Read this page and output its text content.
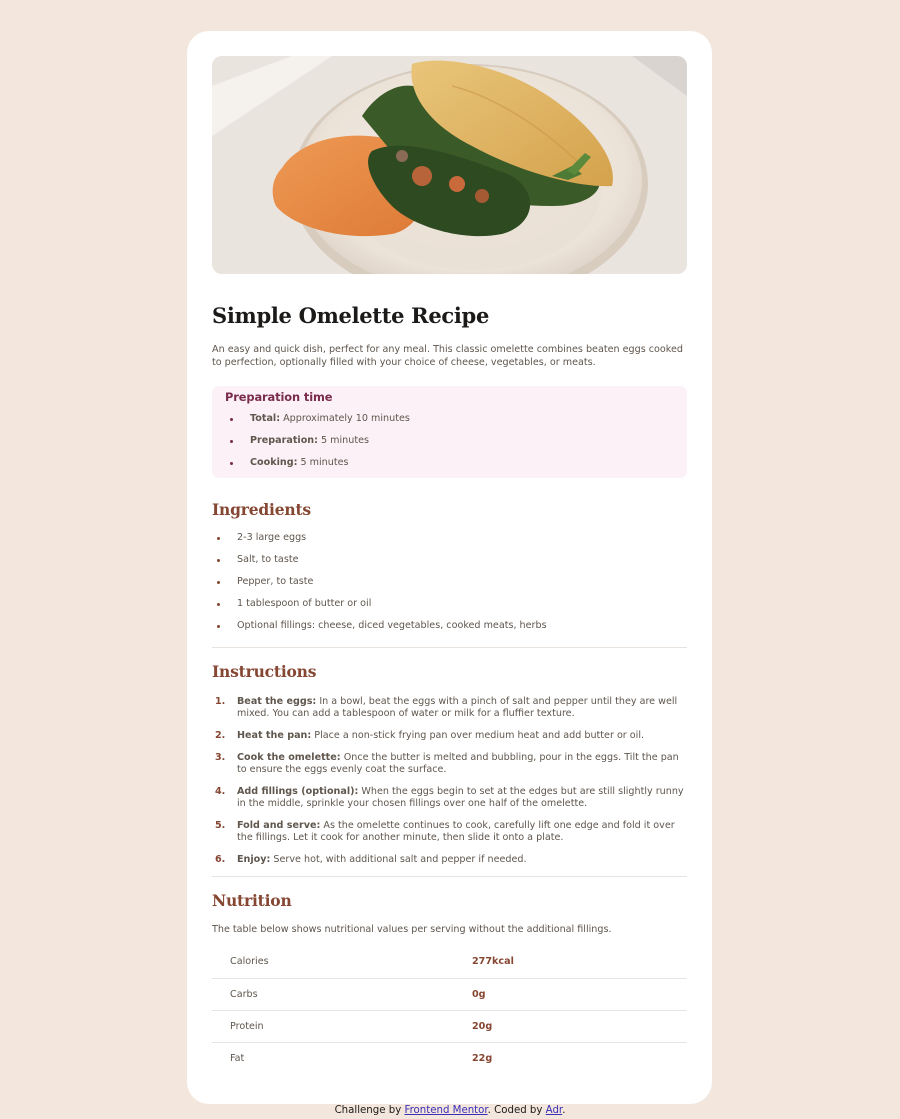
Simple Omelette Recipe

An easy and quick dish, perfect for any meal. This classic omelette combines beaten eggs cooked to perfection, optionally filled with your choice of cheese, vegetables, or meats.

Preparation time
Total: Approximately 10 minutes
Preparation: 5 minutes
Cooking: 5 minutes
Ingredients
2-3 large eggs
Salt, to taste
Pepper, to taste
1 tablespoon of butter or oil
Optional fillings: cheese, diced vegetables, cooked meats, herbs
Instructions
1. Beat the eggs: In a bowl, beat the eggs with a pinch of salt and pepper until they are well mixed. You can add a tablespoon of water or milk for a fluffier texture.
2. Heat the pan: Place a non-stick frying pan over medium heat and add butter or oil.
3. Cook the omelette: Once the butter is melted and bubbling, pour in the eggs. Tilt the pan to ensure the eggs evenly coat the surface.
4. Add fillings (optional): When the eggs begin to set at the edges but are still slightly runny in the middle, sprinkle your chosen fillings over one half of the omelette.
5. Fold and serve: As the omelette continues to cook, carefully lift one edge and fold it over the fillings. Let it cook for another minute, then slide it onto a plate.
6. Enjoy: Serve hot, with additional salt and pepper if needed.
Nutrition

The table below shows nutritional values per serving without the additional fillings.

Calories	277kcal
Carbs	0g
Protein	20g
Fat	22g
Challenge by Frontend Mentor. Coded by Adr.
